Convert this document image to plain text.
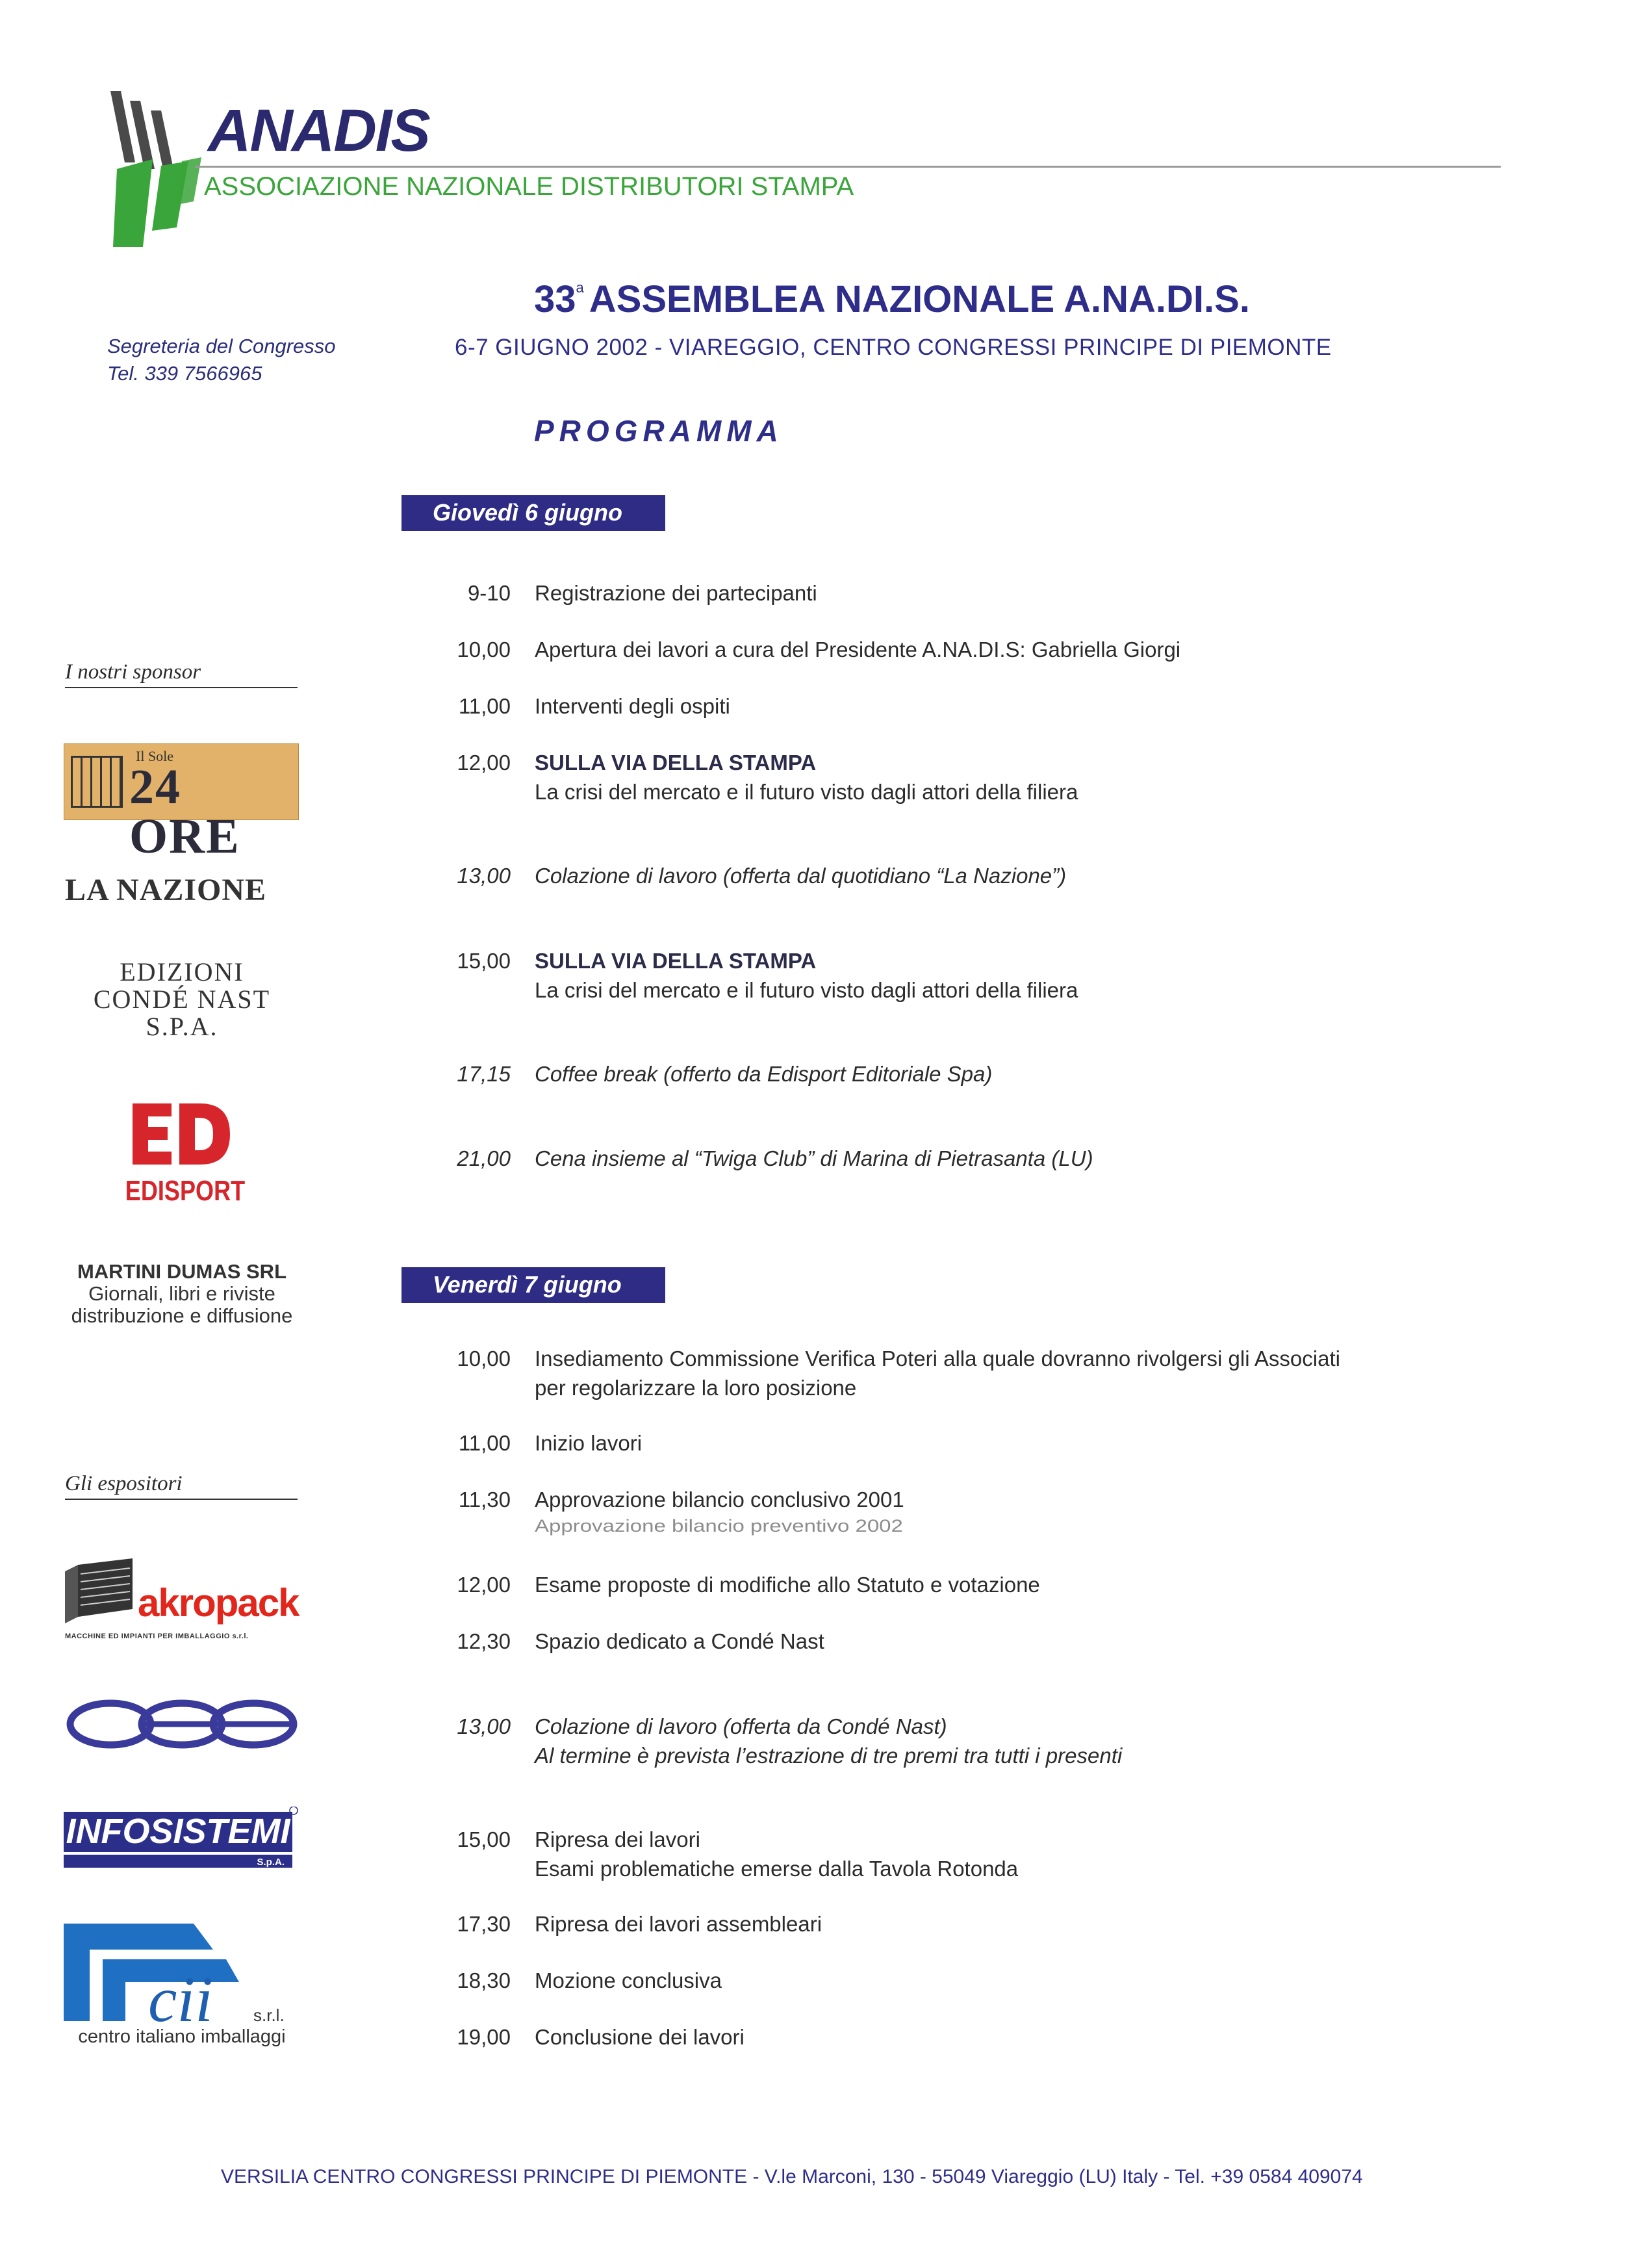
ANADIS
ASSOCIAZIONE NAZIONALE DISTRIBUTORI STAMPA
Segreteria del Congresso
Tel. 339 7566965
33$^a$ ASSEMBLEA NAZIONALE A.NA.DI.S.
6-7 GIUGNO 2002 - VIAREGGIO, CENTRO CONGRESSI PRINCIPE DI PIEMONTE
PROGRAMMA
Giovedì 6 giugno
9-10 Registrazione dei partecipanti
10,00 Apertura dei lavori a cura del Presidente A.NA.DI.S: Gabriella Giorgi
11,00 Interventi degli ospiti
12,00 SULLA VIA DELLA STAMPA
La crisi del mercato e il futuro visto dagli attori della filiera
13,00 Colazione di lavoro (offerta dal quotidiano “La Nazione”)
15,00 SULLA VIA DELLA STAMPA
La crisi del mercato e il futuro visto dagli attori della filiera
17,15 Coffee break (offerto da Edisport Editoriale Spa)
21,00 Cena insieme al “Twiga Club” di Marina di Pietrasanta (LU)
Venerdì 7 giugno
10,00 Insediamento Commissione Verifica Poteri alla quale dovranno rivolgersi gli Associati
per regolarizzare la loro posizione
11,00 Inizio lavori
11,30 Approvazione bilancio conclusivo 2001
Approvazione bilancio preventivo 2002
12,00 Esame proposte di modifiche allo Statuto e votazione
12,30 Spazio dedicato a Condé Nast
13,00 Colazione di lavoro (offerta da Condé Nast)
Al termine è prevista l’estrazione di tre premi tra tutti i presenti
15,00 Ripresa dei lavori
Esami problematiche emerse dalla Tavola Rotonda
17,30 Ripresa dei lavori assembleari
18,30 Mozione conclusiva
19,00 Conclusione dei lavori
I nostri sponsor
Il Sole
24 ORE
LA NAZIONE
EDIZIONI
CONDÉ NAST
S.P.A.
EDISPORT
MARTINI DUMAS SRL
Giornali, libri e riviste
distribuzione e diffusione
Gli espositori
akropack
MACCHINE ED IMPIANTI PER IMBALLAGGIO s.r.l.
dpe
INFOSISTEMI
S.p.A.
cii s.r.l.
centro italiano imballaggi
VERSILIA CENTRO CONGRESSI PRINCIPE DI PIEMONTE - V.le Marconi, 130 - 55049 Viareggio (LU) Italy - Tel. +39 0584 409074
